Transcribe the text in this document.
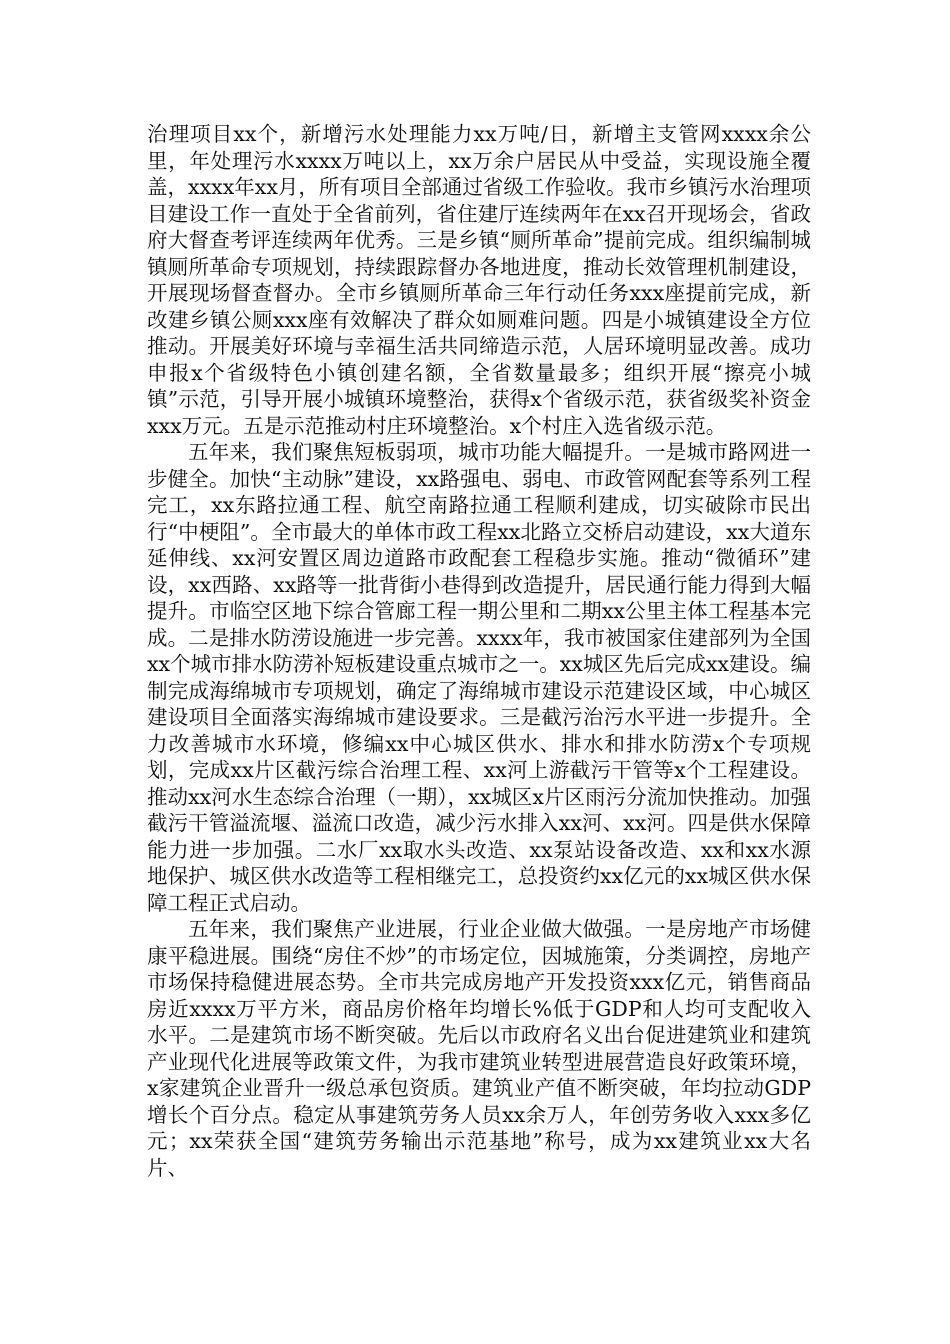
治理项目xx个，新增污水处理能力xx万吨/日，新增主支管网xxxx余公里，年处理污水xxxx万吨以上，xx万余户居民从中受益，实现设施全覆盖，xxxx年xx月，所有项目全部通过省级工作验收。我市乡镇污水治理项目建设工作一直处于全省前列，省住建厅连续两年在xx召开现场会，省政府大督查考评连续两年优秀。三是乡镇“厕所革命”提前完成。组织编制城镇厕所革命专项规划，持续跟踪督办各地进度，推动长效管理机制建设，开展现场督查督办。全市乡镇厕所革命三年行动任务xxx座提前完成，新改建乡镇公厕xxx座有效解决了群众如厕难问题。四是小城镇建设全方位推动。开展美好环境与幸福生活共同缔造示范，人居环境明显改善。成功申报x个省级特色小镇创建名额，全省数量最多；组织开展“擦亮小城镇”示范，引导开展小城镇环境整治，获得x个省级示范，获省级奖补资金xxx万元。五是示范推动村庄环境整治。x个村庄入选省级示范。

五年来，我们聚焦短板弱项，城市功能大幅提升。一是城市路网进一步健全。加快“主动脉”建设，xx路强电、弱电、市政管网配套等系列工程完工，xx东路拉通工程、航空南路拉通工程顺利建成，切实破除市民出行“中梗阻”。全市最大的单体市政工程xx北路立交桥启动建设，xx大道东延伸线、xx河安置区周边道路市政配套工程稳步实施。推动“微循环”建设，xx西路、xx路等一批背街小巷得到改造提升，居民通行能力得到大幅提升。市临空区地下综合管廊工程一期公里和二期xx公里主体工程基本完成。二是排水防涝设施进一步完善。xxxx年，我市被国家住建部列为全国xx个城市排水防涝补短板建设重点城市之一。xx城区先后完成xx建设。编制完成海绵城市专项规划，确定了海绵城市建设示范建设区域，中心城区建设项目全面落实海绵城市建设要求。三是截污治污水平进一步提升。全力改善城市水环境，修编xx中心城区供水、排水和排水防涝x个专项规划，完成xx片区截污综合治理工程、xx河上游截污干管等x个工程建设。推动xx河水生态综合治理（一期），xx城区x片区雨污分流加快推动。加强截污干管溢流堰、溢流口改造，减少污水排入xx河、xx河。四是供水保障能力进一步加强。二水厂xx取水头改造、xx泵站设备改造、xx和xx水源地保护、城区供水改造等工程相继完工，总投资约xx亿元的xx城区供水保障工程正式启动。

五年来，我们聚焦产业进展，行业企业做大做强。一是房地产市场健康平稳进展。围绕“房住不炒”的市场定位，因城施策，分类调控，房地产市场保持稳健进展态势。全市共完成房地产开发投资xxx亿元，销售商品房近xxxx万平方米，商品房价格年均增长%低于GDP和人均可支配收入水平。二是建筑市场不断突破。先后以市政府名义出台促进建筑业和建筑产业现代化进展等政策文件，为我市建筑业转型进展营造良好政策环境，x家建筑企业晋升一级总承包资质。建筑业产值不断突破，年均拉动GDP增长个百分点。稳定从事建筑劳务人员xx余万人，年创劳务收入xxx多亿元；xx荣获全国“建筑劳务输出示范基地”称号，成为xx建筑业xx大名片、
